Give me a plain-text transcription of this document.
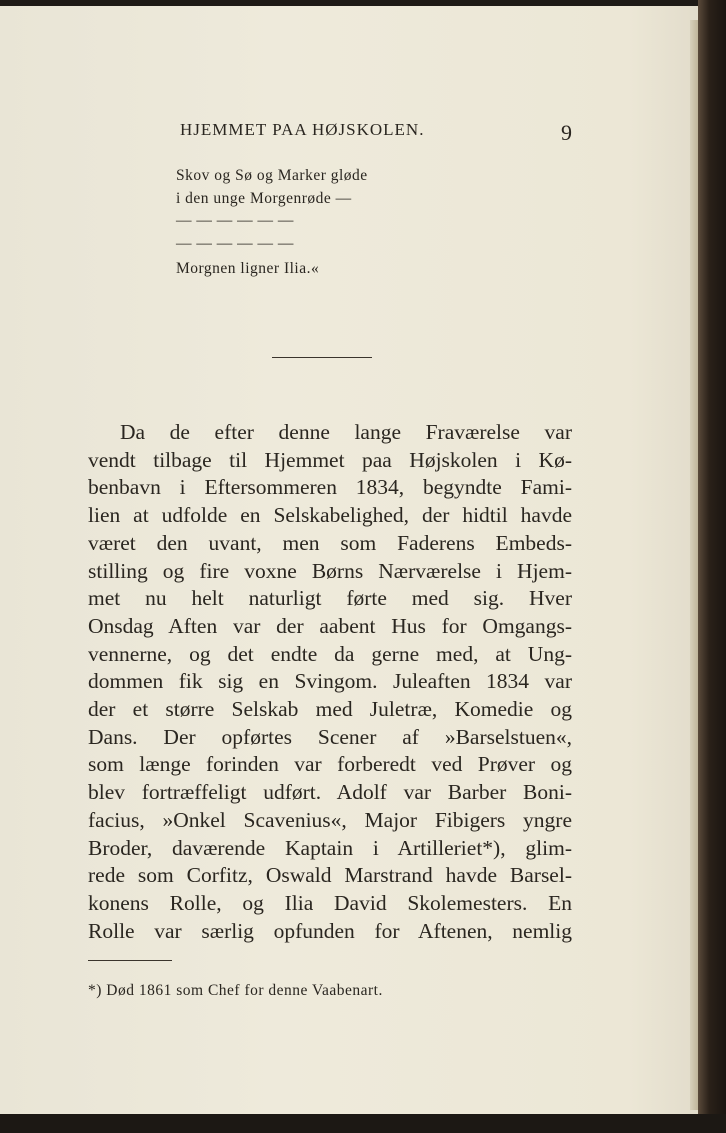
HJEMMET PAA HØJSKOLEN.	9
Skov og Sø og Marker gløde
i den unge Morgenrøde —
— — — — — —
— — — — — —
Morgnen ligner Ilia.«
Da de efter denne lange Fraværelse var
vendt tilbage til Hjemmet paa Højskolen i Kø-
benbavn i Eftersommeren 1834, begyndte Fami-
lien at udfolde en Selskabelighed, der hidtil havde
været den uvant, men som Faderens Embeds-
stilling og fire voxne Børns Nærværelse i Hjem-
met nu helt naturligt førte med sig. Hver
Onsdag Aften var der aabent Hus for Omgangs-
vennerne, og det endte da gerne med, at Ung-
dommen fik sig en Svingom. Juleaften 1834 var
der et større Selskab med Juletræ, Komedie og
Dans. Der opførtes Scener af »Barselstuen«,
som længe forinden var forberedt ved Prøver og
blev fortræffeligt udført. Adolf var Barber Boni-
facius, »Onkel Scavenius«, Major Fibigers yngre
Broder, daværende Kaptain i Artilleriet*), glim-
rede som Corfitz, Oswald Marstrand havde Barsel-
konens Rolle, og Ilia David Skolemesters. En
Rolle var særlig opfunden for Aftenen, nemlig
*) Død 1861 som Chef for denne Vaabenart.
